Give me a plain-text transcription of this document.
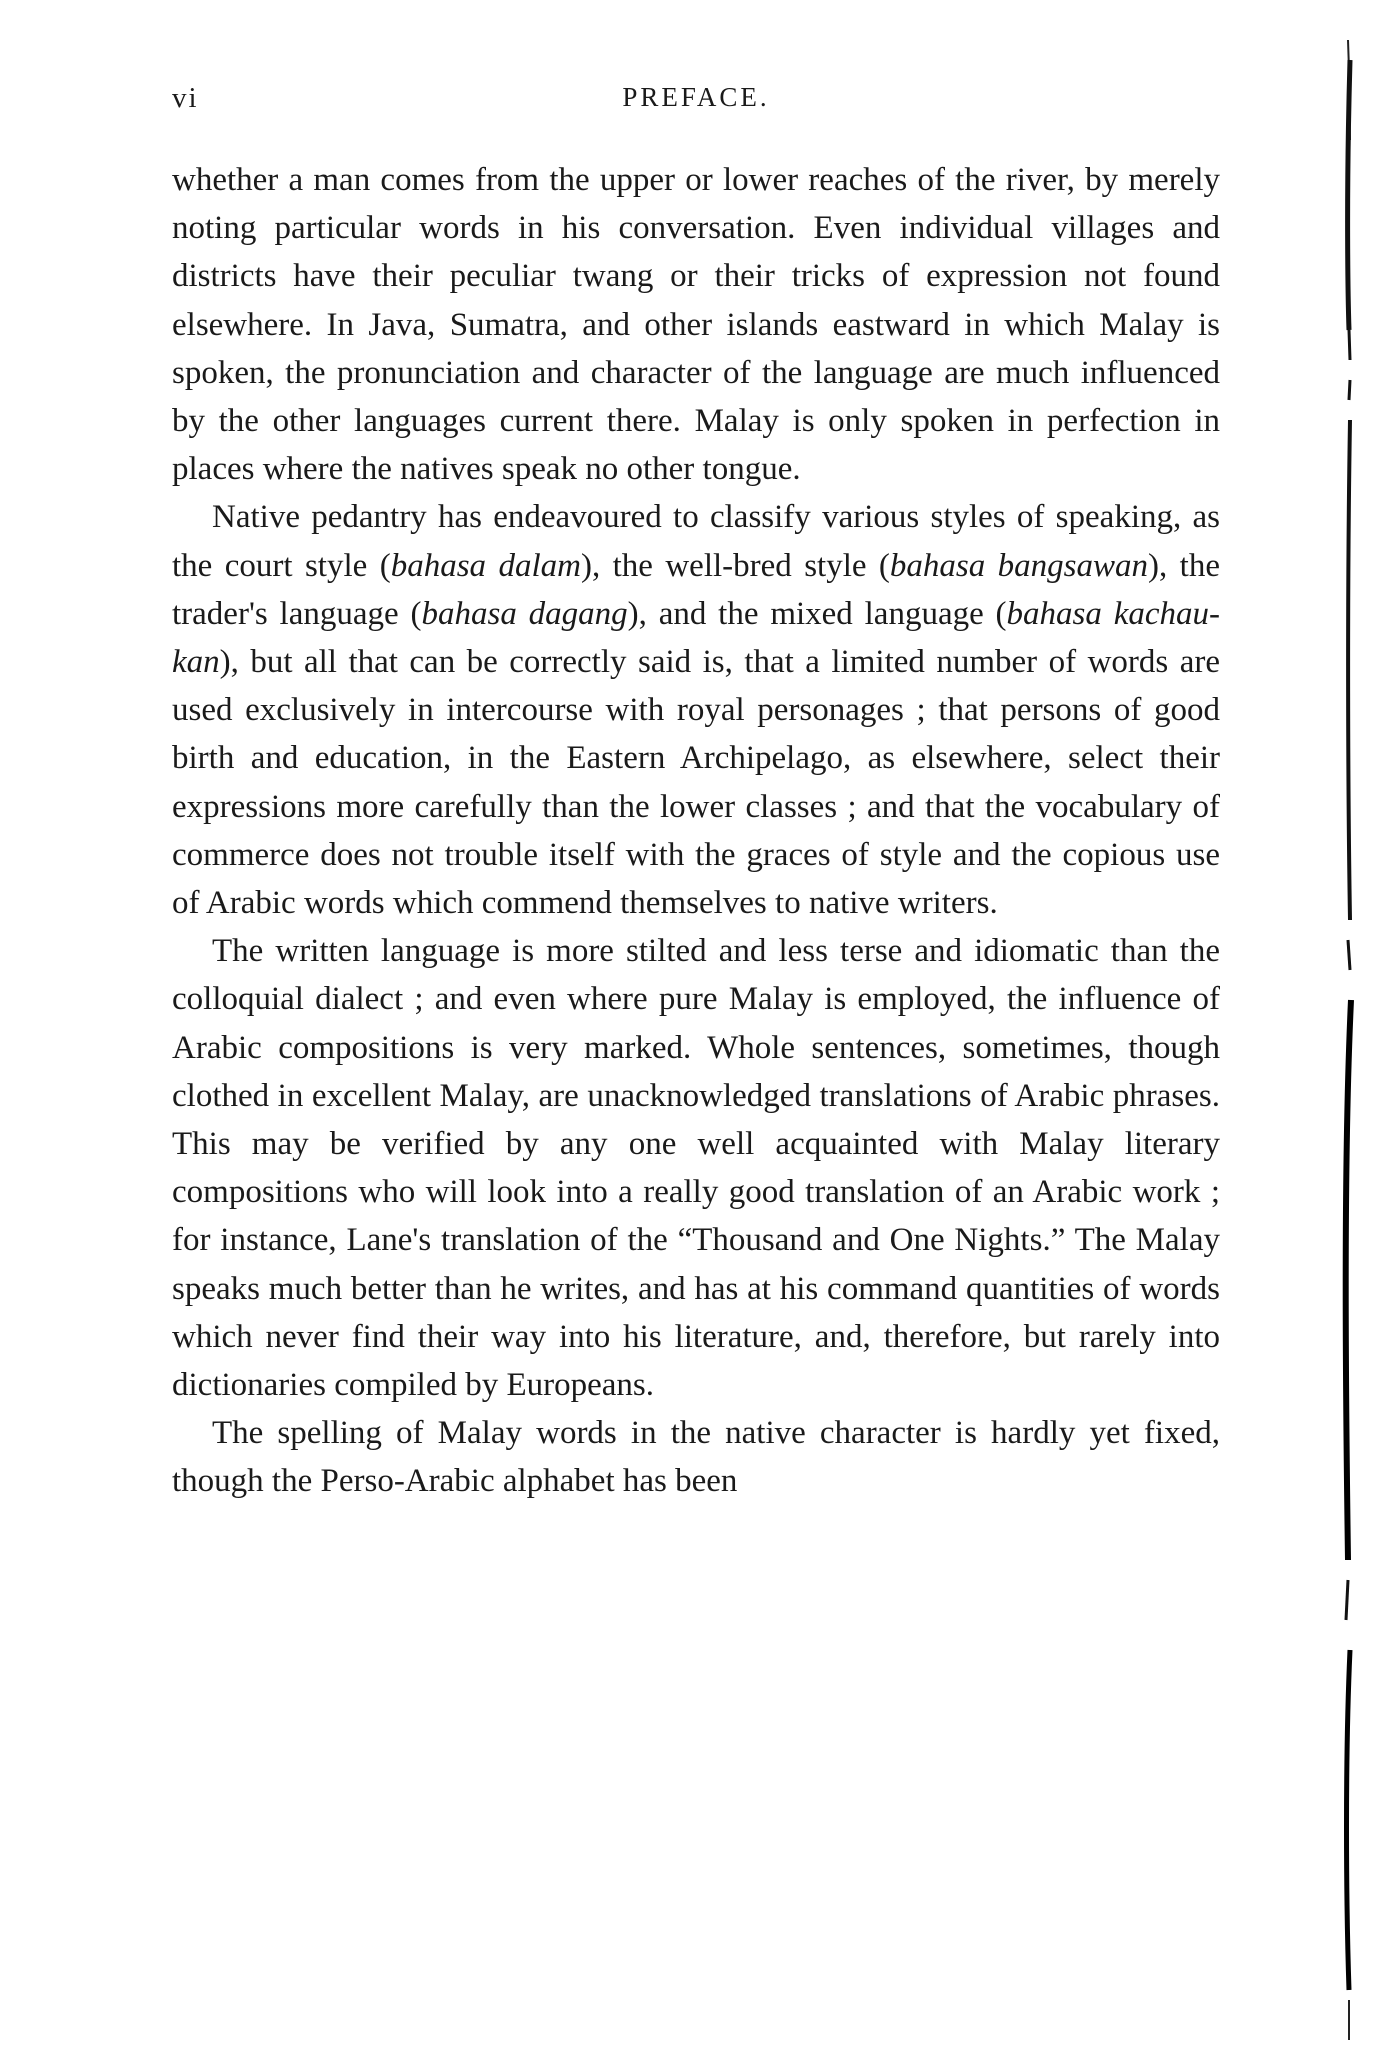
vi	PREFACE.

whether a man comes from the upper or lower reaches of the river, by merely noting particular words in his conversation. Even individual villages and districts have their peculiar twang or their tricks of expression not found elsewhere. In Java, Sumatra, and other islands eastward in which Malay is spoken, the pronunciation and character of the language are much influenced by the other languages current there. Malay is only spoken in perfection in places where the natives speak no other tongue.

Native pedantry has endeavoured to classify various styles of speaking, as the court style (bahasa dalam), the well-bred style (bahasa bangsawan), the trader's language (bahasa dagang), and the mixed language (bahasa kachau-kan), but all that can be correctly said is, that a limited number of words are used exclusively in intercourse with royal personages ; that persons of good birth and education, in the Eastern Archipelago, as elsewhere, select their expressions more carefully than the lower classes ; and that the vocabulary of commerce does not trouble itself with the graces of style and the copious use of Arabic words which commend themselves to native writers.

The written language is more stilted and less terse and idiomatic than the colloquial dialect ; and even where pure Malay is employed, the influence of Arabic compositions is very marked. Whole sentences, sometimes, though clothed in excellent Malay, are unacknowledged translations of Arabic phrases. This may be verified by any one well acquainted with Malay literary compositions who will look into a really good translation of an Arabic work ; for instance, Lane's translation of the “Thousand and One Nights.” The Malay speaks much better than he writes, and has at his command quantities of words which never find their way into his literature, and, therefore, but rarely into dictionaries compiled by Europeans.

The spelling of Malay words in the native character is hardly yet fixed, though the Perso-Arabic alphabet has been
